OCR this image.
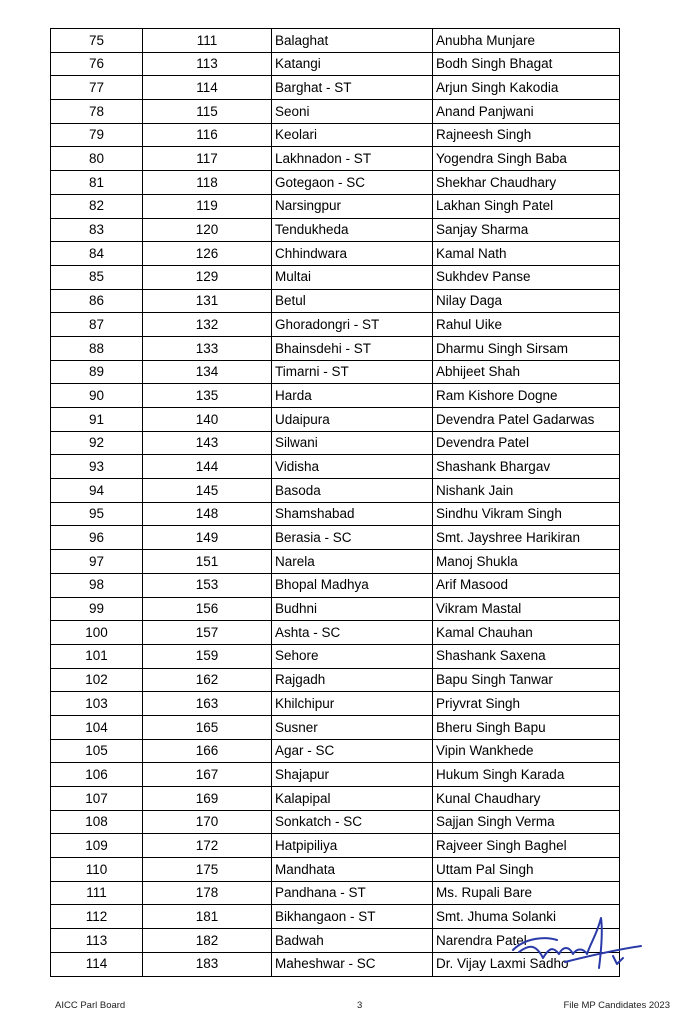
75	111	Balaghat	Anubha Munjare
76	113	Katangi	Bodh Singh Bhagat
77	114	Barghat - ST	Arjun Singh Kakodia
78	115	Seoni	Anand Panjwani
79	116	Keolari	Rajneesh Singh
80	117	Lakhnadon - ST	Yogendra Singh Baba
81	118	Gotegaon - SC	Shekhar Chaudhary
82	119	Narsingpur	Lakhan Singh Patel
83	120	Tendukheda	Sanjay Sharma
84	126	Chhindwara	Kamal Nath
85	129	Multai	Sukhdev Panse
86	131	Betul	Nilay Daga
87	132	Ghoradongri - ST	Rahul Uike
88	133	Bhainsdehi - ST	Dharmu Singh Sirsam
89	134	Timarni - ST	Abhijeet Shah
90	135	Harda	Ram Kishore Dogne
91	140	Udaipura	Devendra Patel Gadarwas
92	143	Silwani	Devendra Patel
93	144	Vidisha	Shashank Bhargav
94	145	Basoda	Nishank Jain
95	148	Shamshabad	Sindhu Vikram Singh
96	149	Berasia - SC	Smt. Jayshree Harikiran
97	151	Narela	Manoj Shukla
98	153	Bhopal Madhya	Arif Masood
99	156	Budhni	Vikram Mastal
100	157	Ashta - SC	Kamal Chauhan
101	159	Sehore	Shashank Saxena
102	162	Rajgadh	Bapu Singh Tanwar
103	163	Khilchipur	Priyvrat Singh
104	165	Susner	Bheru Singh Bapu
105	166	Agar - SC	Vipin Wankhede
106	167	Shajapur	Hukum Singh Karada
107	169	Kalapipal	Kunal Chaudhary
108	170	Sonkatch - SC	Sajjan Singh Verma
109	172	Hatpipiliya	Rajveer Singh Baghel
110	175	Mandhata	Uttam Pal Singh
111	178	Pandhana - ST	Ms. Rupali Bare
112	181	Bikhangaon - ST	Smt. Jhuma Solanki
113	182	Badwah	Narendra Patel
114	183	Maheshwar - SC	Dr. Vijay Laxmi Sadho
AICC Parl Board	3	File MP Candidates 2023
